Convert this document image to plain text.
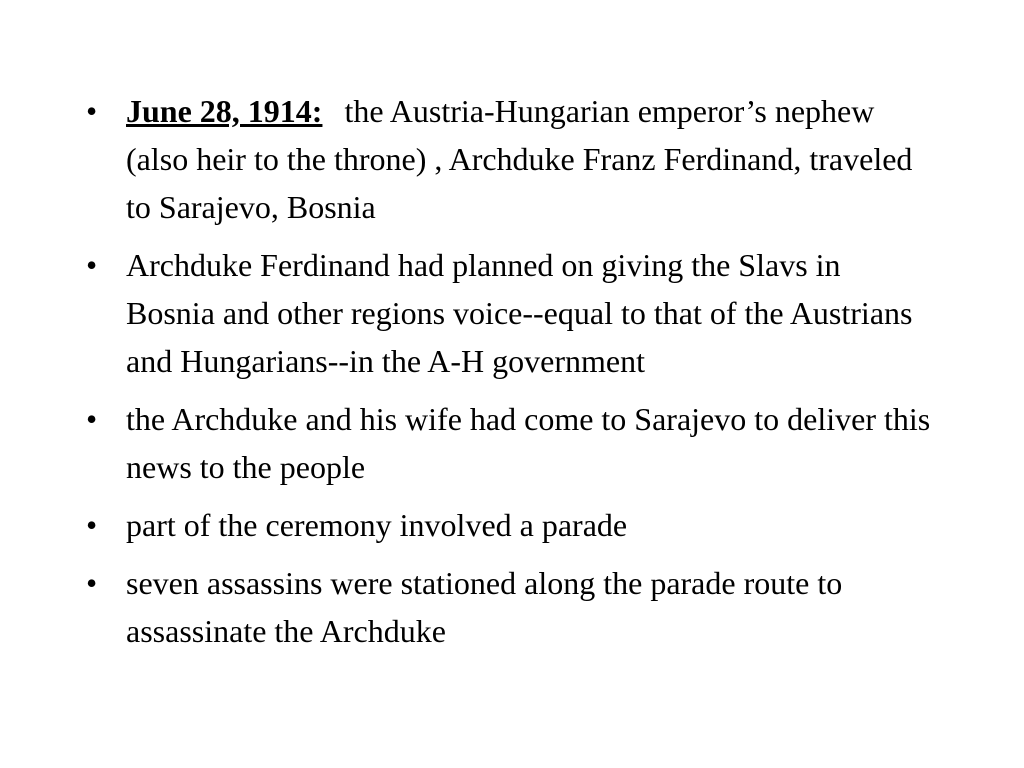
• June 28, 1914: the Austria-Hungarian emperor’s nephew (also heir to the throne) , Archduke Franz Ferdinand, traveled to Sarajevo, Bosnia
• Archduke Ferdinand had planned on giving the Slavs in Bosnia and other regions voice--equal to that of the Austrians and Hungarians--in the A-H government
• the Archduke and his wife had come to Sarajevo to deliver this news to the people
• part of the ceremony involved a parade
• seven assassins were stationed along the parade route to assassinate the Archduke
